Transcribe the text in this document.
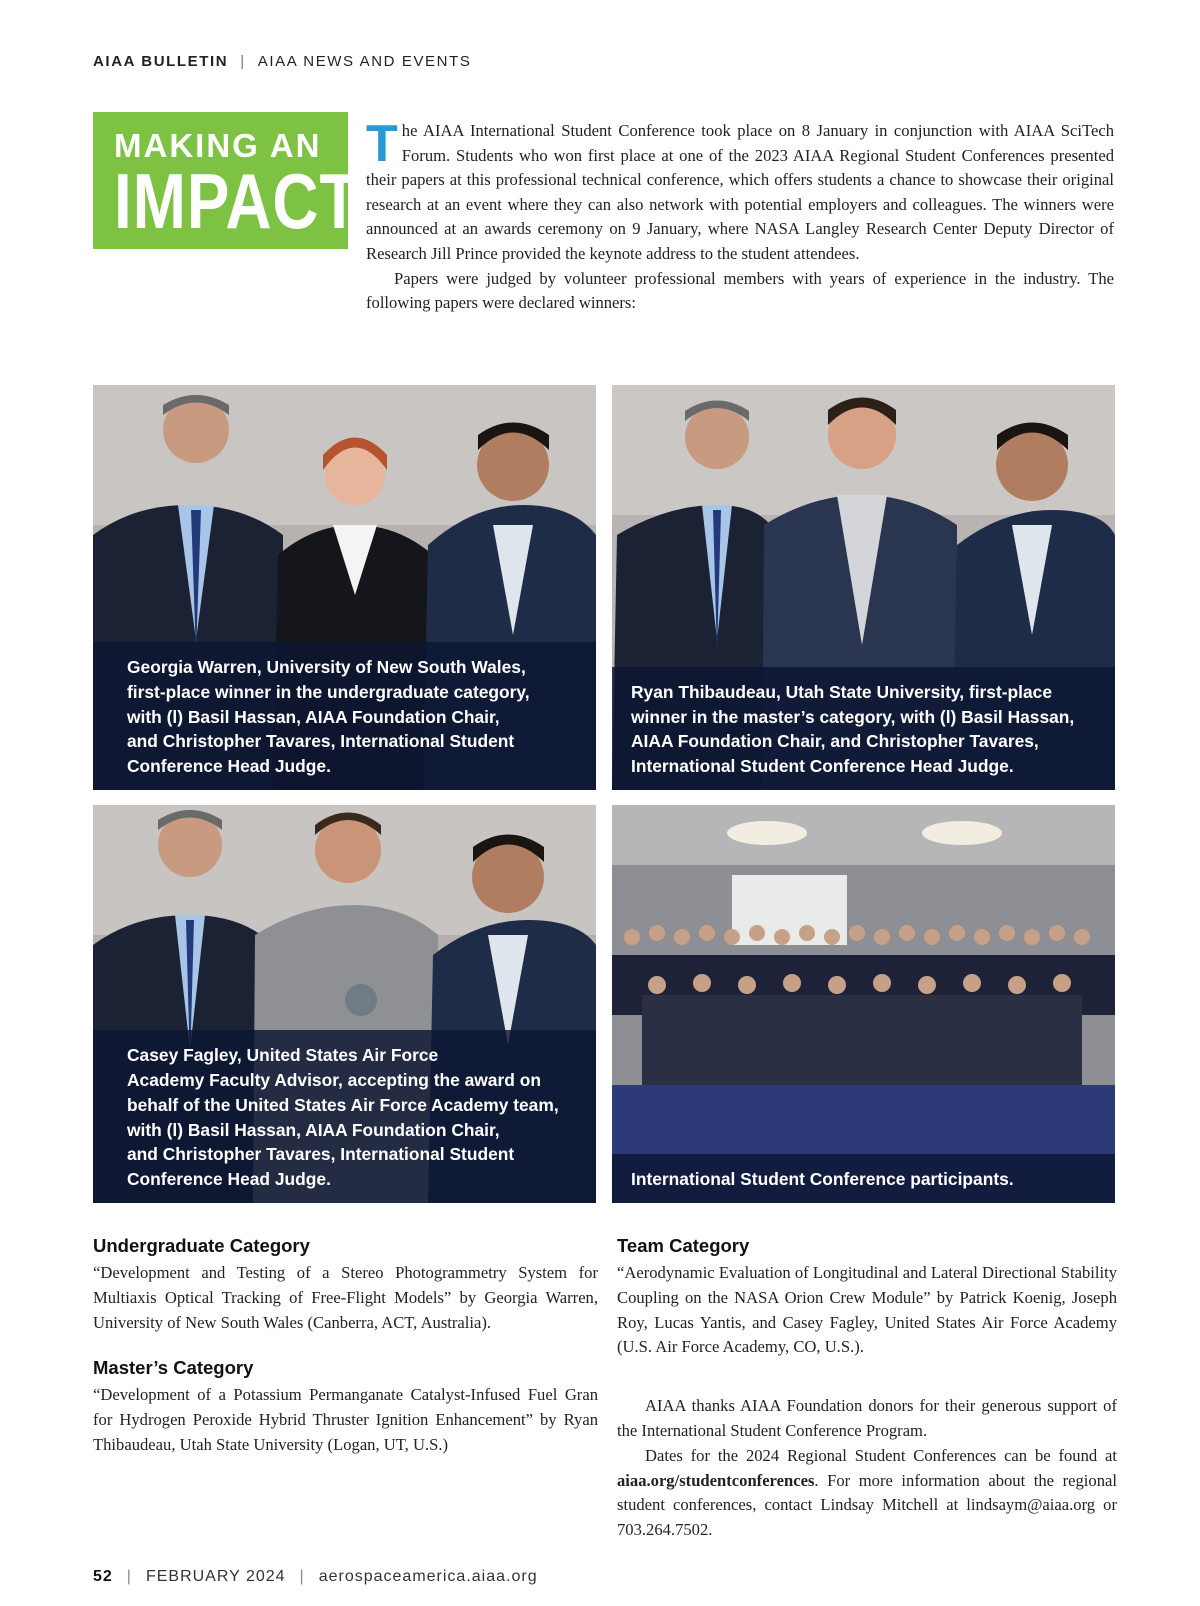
AIAA BULLETIN | AIAA NEWS AND EVENTS
MAKING AN
IMPACT

The AIAA International Student Conference took place on 8 January in conjunction with AIAA SciTech Forum. Students who won first place at one of the 2023 AIAA Regional Student Conferences presented their papers at this professional technical conference, which offers students a chance to showcase their original research at an event where they can also network with potential employers and colleagues. The winners were announced at an awards ceremony on 9 January, where NASA Langley Research Center Deputy Director of Research Jill Prince provided the keynote address to the student attendees.

Papers were judged by volunteer professional members with years of experience in the industry. The following papers were declared winners:

Georgia Warren, University of New South Wales,
first-place winner in the undergraduate category,
with (l) Basil Hassan, AIAA Foundation Chair,
and Christopher Tavares, International Student
Conference Head Judge.
Ryan Thibaudeau, Utah State University, first-place
winner in the master’s category, with (l) Basil Hassan,
AIAA Foundation Chair, and Christopher Tavares,
International Student Conference Head Judge.
Casey Fagley, United States Air Force
Academy Faculty Advisor, accepting the award on
behalf of the United States Air Force Academy team,
with (l) Basil Hassan, AIAA Foundation Chair,
and Christopher Tavares, International Student
Conference Head Judge.	International Student Conference participants.
Undergraduate Category

“Development and Testing of a Stereo Photogrammetry System for Multiaxis Optical Tracking of Free-Flight Models” by Georgia Warren, University of New South Wales (Canberra, ACT, Australia).

Master’s Category

“Development of a Potassium Permanganate Catalyst-Infused Fuel Gran for Hydrogen Peroxide Hybrid Thruster Ignition Enhancement” by Ryan Thibaudeau, Utah State University (Logan, UT, U.S.)

Team Category

“Aerodynamic Evaluation of Longitudinal and Lateral Directional Stability Coupling on the NASA Orion Crew Module” by Patrick Koenig, Joseph Roy, Lucas Yantis, and Casey Fagley, United States Air Force Academy (U.S. Air Force Academy, CO, U.S.).

AIAA thanks AIAA Foundation donors for their generous support of the International Student Conference Program.

Dates for the 2024 Regional Student Conferences can be found at aiaa.org/studentconferences. For more information about the regional student conferences, contact Lindsay Mitchell at lindsaym@aiaa.org or 703.264.7502.

52 | FEBRUARY 2024 | aerospaceamerica.aiaa.org
